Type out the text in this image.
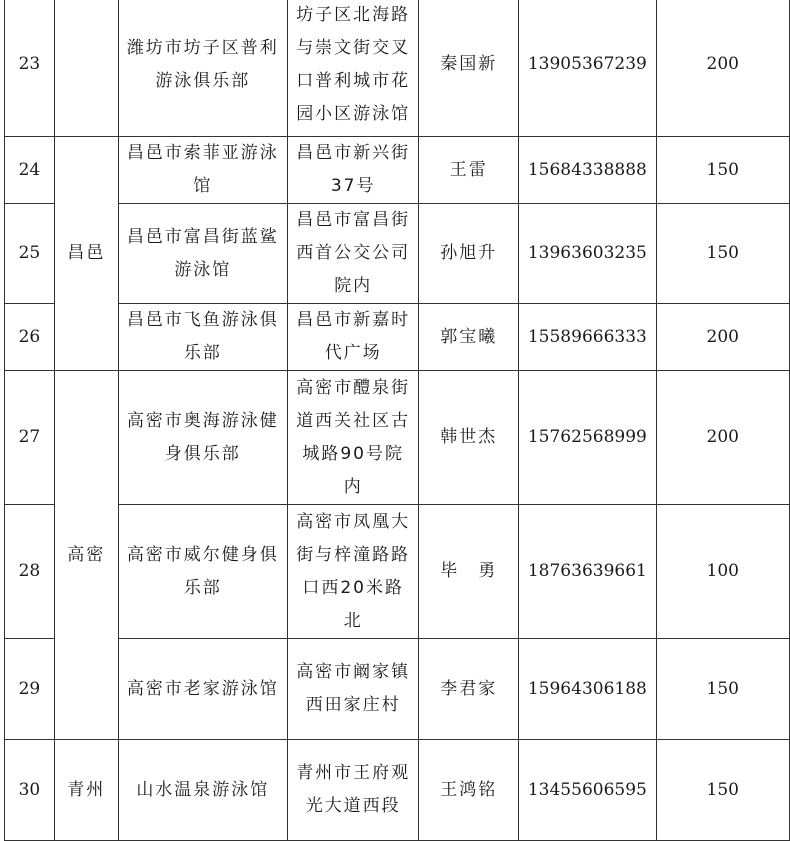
23		潍坊市坊子区普利游泳俱乐部	坊子区北海路与崇文街交叉口普利城市花园小区游泳馆	秦国新	13905367239	200
24	昌邑	昌邑市索菲亚游泳馆	昌邑市新兴街37号	王雷	15684338888	150
25		昌邑市富昌街蓝鲨游泳馆	昌邑市富昌街西首公交公司院内	孙旭升	13963603235	150
26		昌邑市飞鱼游泳俱乐部	昌邑市新嘉时代广场	郭宝曦	15589666333	200
27	高密	高密市奥海游泳健身俱乐部	高密市醴泉街道西关社区古城路90号院内	韩世杰	15762568999	200
28		高密市威尔健身俱乐部	高密市凤凰大街与梓潼路路口西20米路北	毕　勇	18763639661	100
29		高密市老家游泳馆	高密市阚家镇西田家庄村	李君家	15964306188	150
30	青州	山水温泉游泳馆	青州市王府观光大道西段	王鸿铭	13455606595	150
